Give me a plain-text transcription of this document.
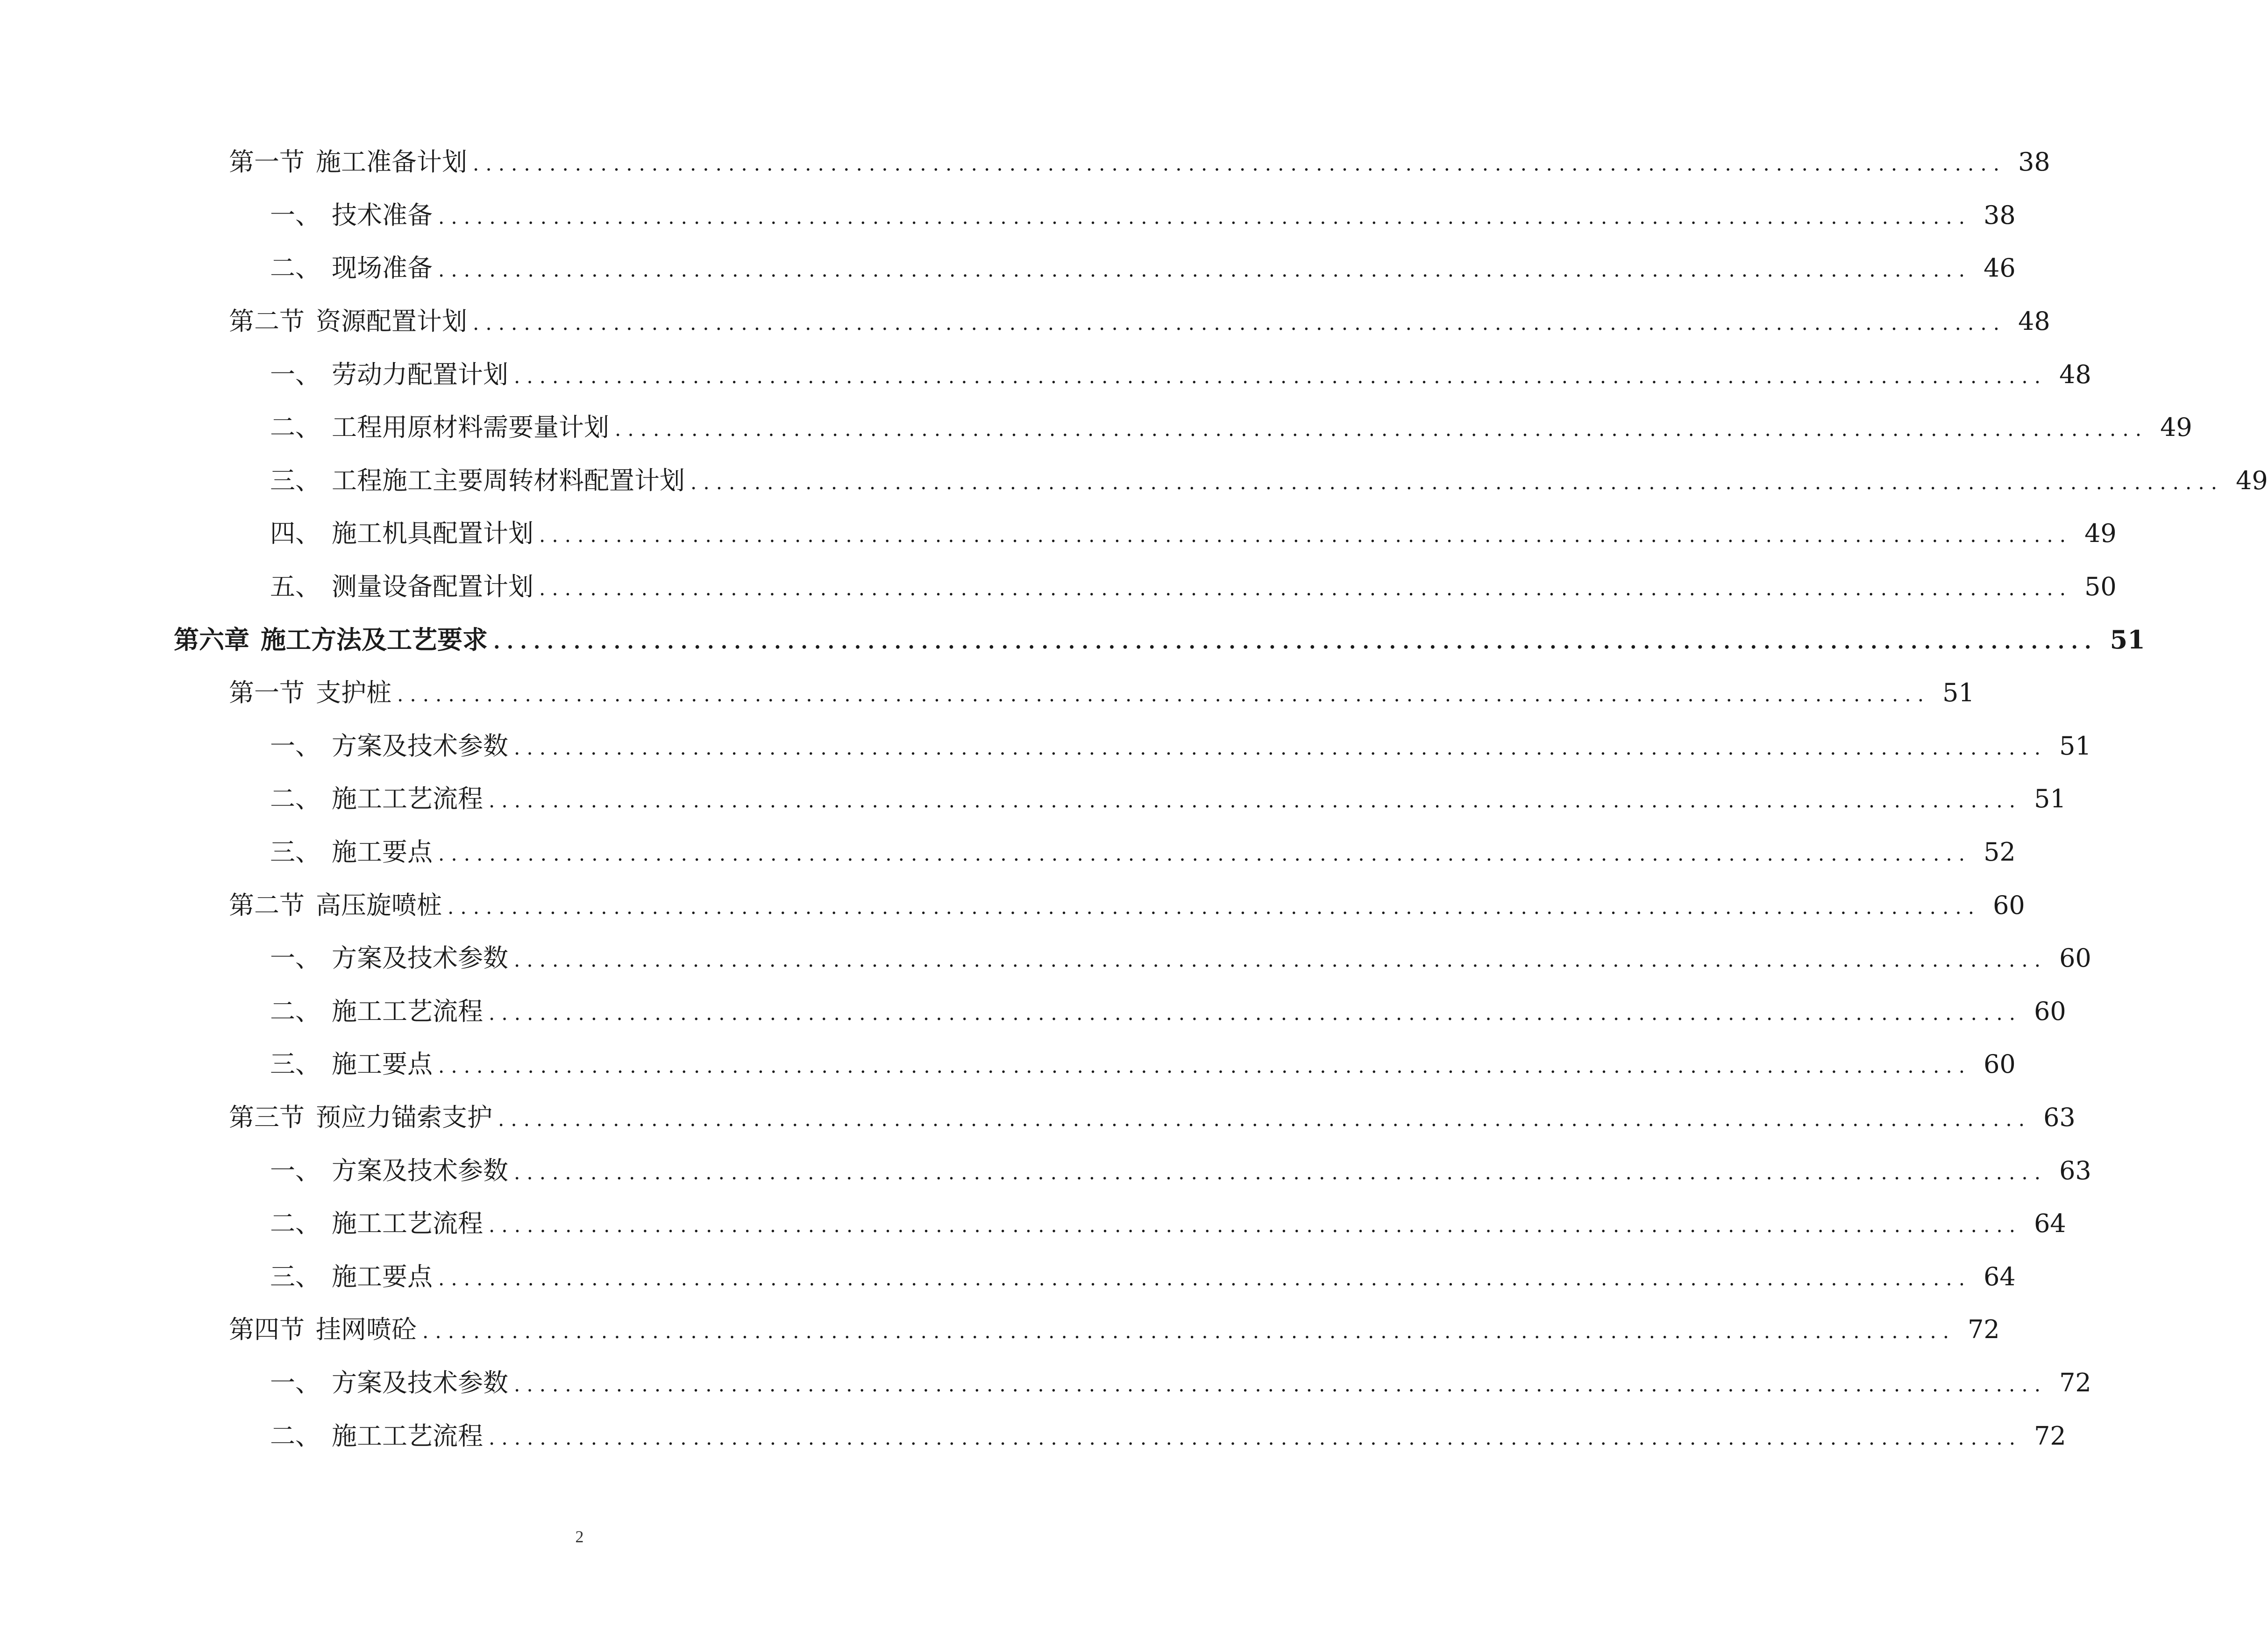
第一节 施工准备计划 ........................................................................................................................ 38
一、 技术准备 ........................................................................................................................ 38
二、 现场准备 ........................................................................................................................ 46
第二节 资源配置计划 ........................................................................................................................ 48
一、 劳动力配置计划 ........................................................................................................................ 48
二、 工程用原材料需要量计划 ........................................................................................................................ 49
三、 工程施工主要周转材料配置计划 ........................................................................................................................ 49
四、 施工机具配置计划 ........................................................................................................................ 49
五、 测量设备配置计划 ........................................................................................................................ 50
第六章 施工方法及工艺要求 ........................................................................................................................ 51
第一节 支护桩 ........................................................................................................................ 51
一、 方案及技术参数 ........................................................................................................................ 51
二、 施工工艺流程 ........................................................................................................................ 51
三、 施工要点 ........................................................................................................................ 52
第二节 高压旋喷桩 ........................................................................................................................ 60
一、 方案及技术参数 ........................................................................................................................ 60
二、 施工工艺流程 ........................................................................................................................ 60
三、 施工要点 ........................................................................................................................ 60
第三节 预应力锚索支护 ........................................................................................................................ 63
一、 方案及技术参数 ........................................................................................................................ 63
二、 施工工艺流程 ........................................................................................................................ 64
三、 施工要点 ........................................................................................................................ 64
第四节 挂网喷砼 ........................................................................................................................ 72
一、 方案及技术参数 ........................................................................................................................ 72
二、 施工工艺流程 ........................................................................................................................ 72
2
